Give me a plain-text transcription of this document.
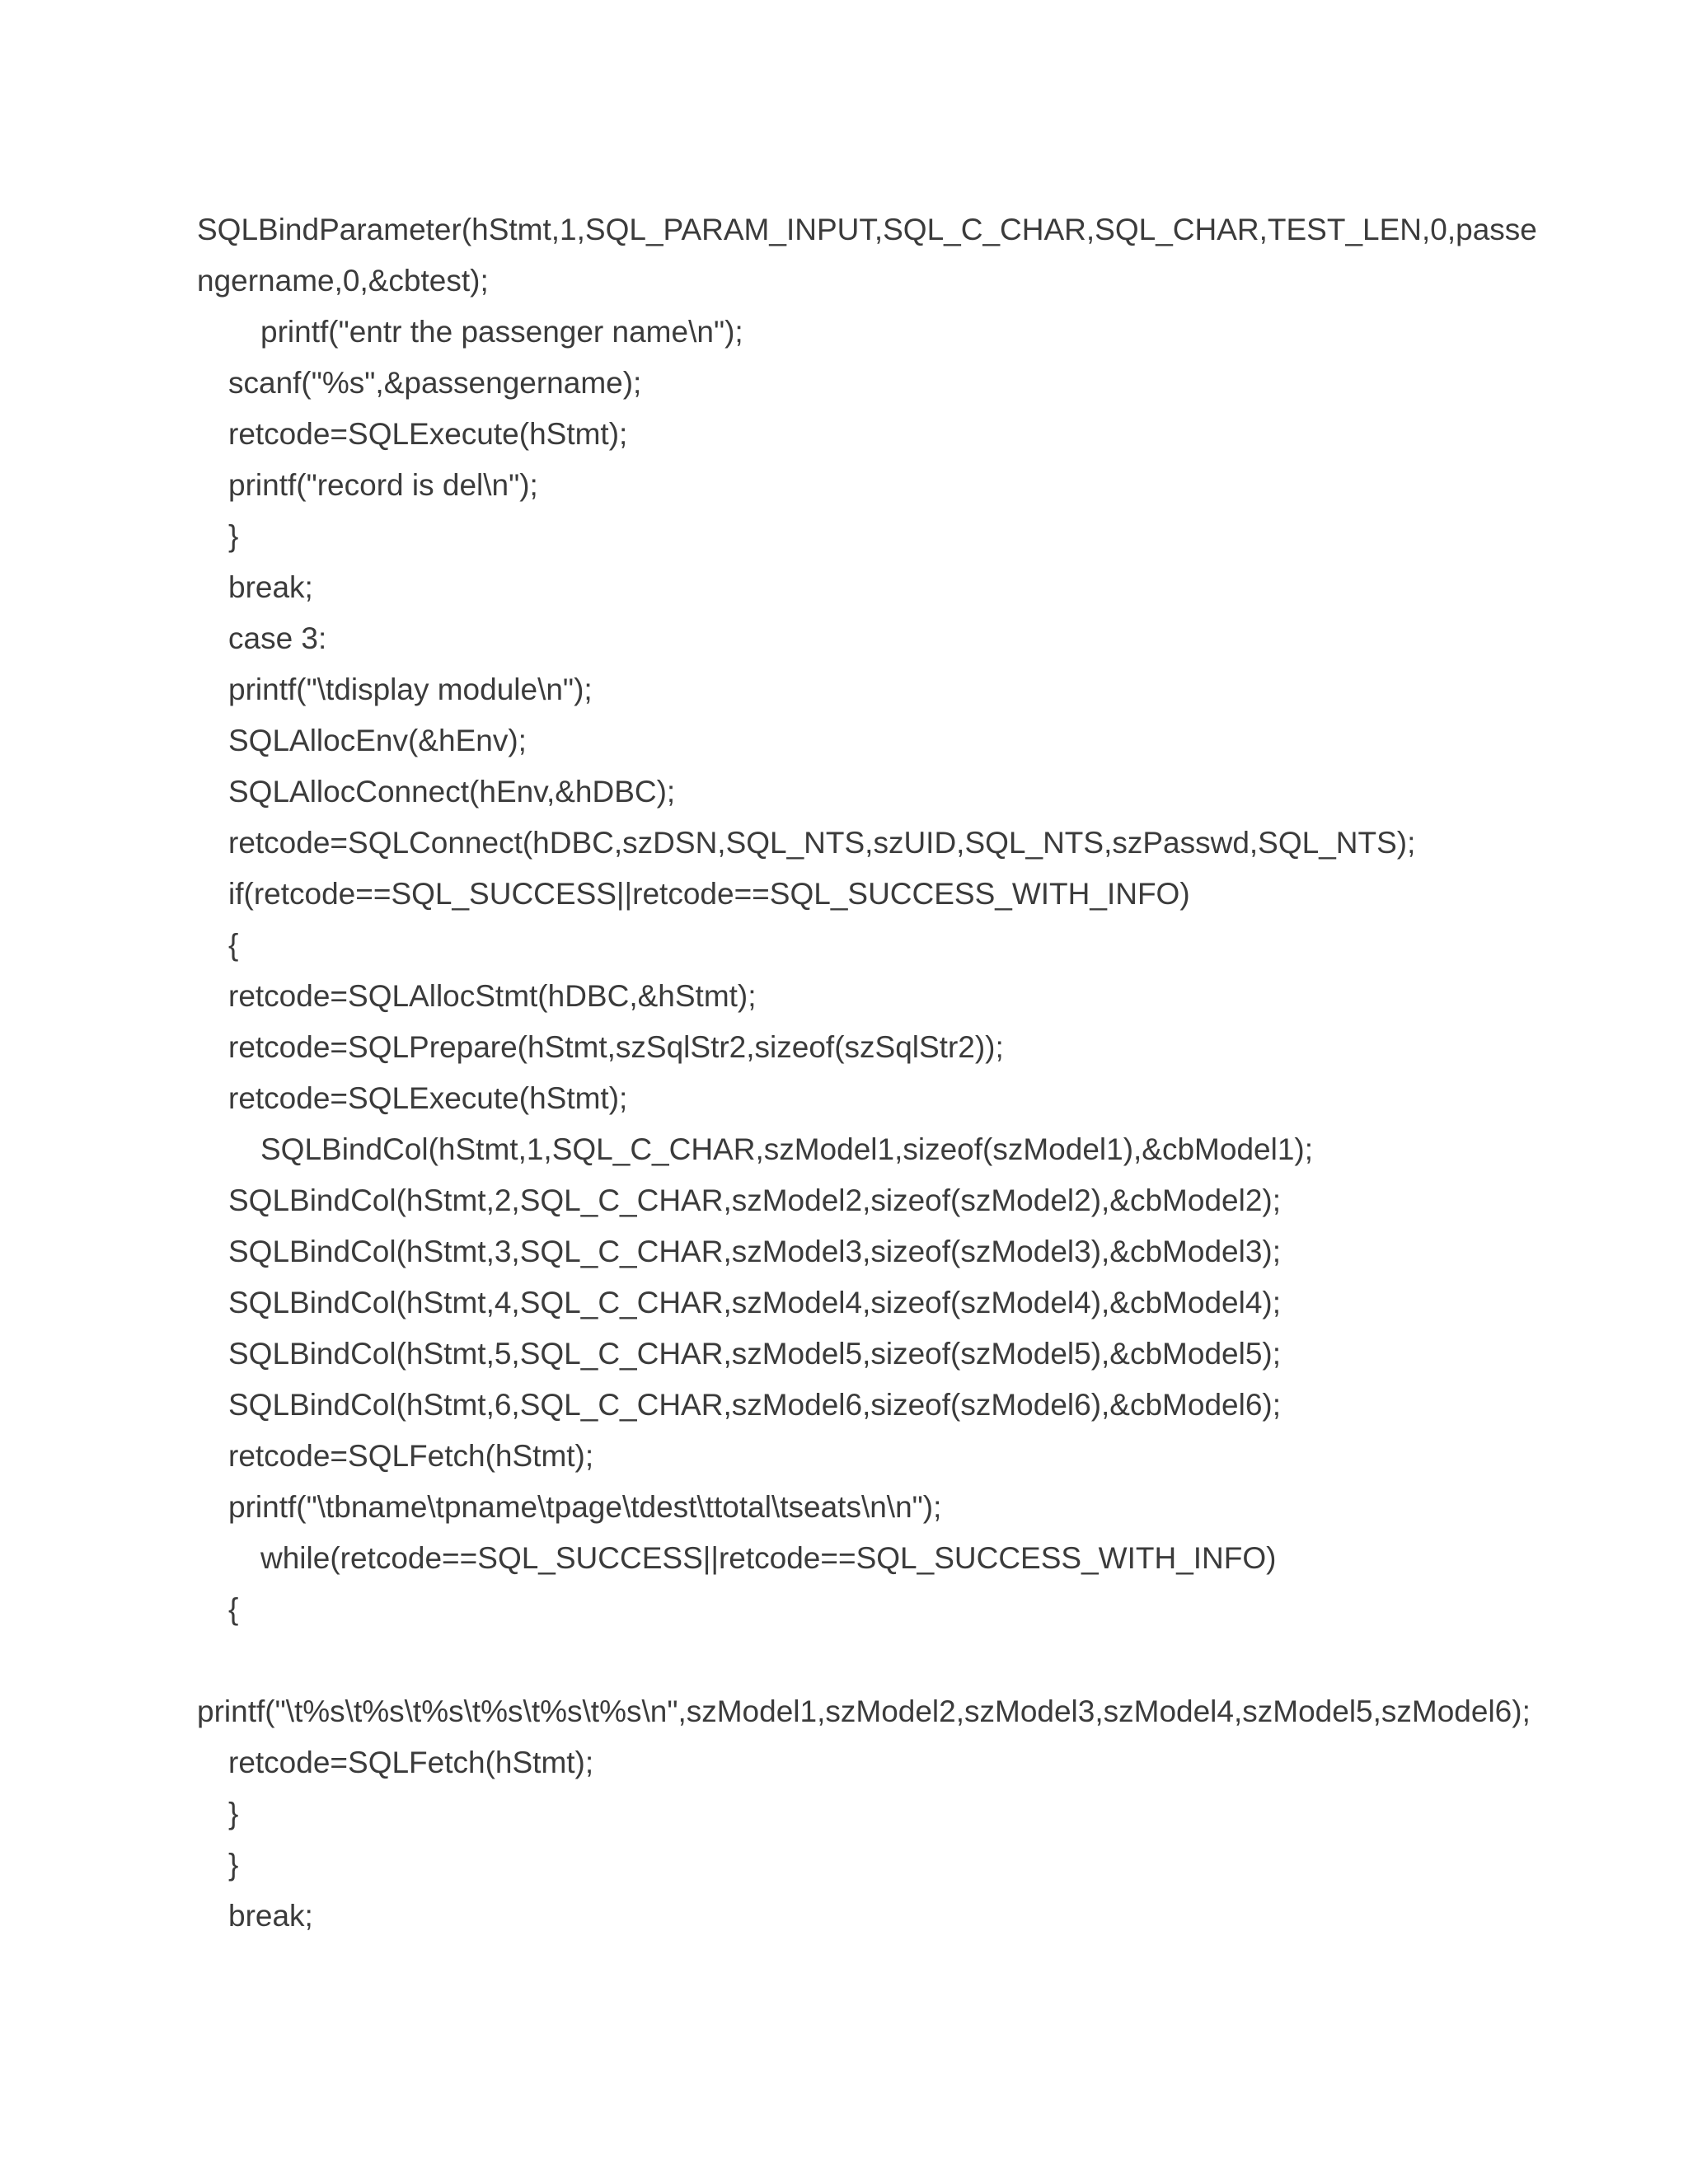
SQLBindParameter(hStmt,1,SQL_PARAM_INPUT,SQL_C_CHAR,SQL_CHAR,TEST_LEN,0,passe
ngername,0,&cbtest);
printf("entr the passenger name\n");
scanf("%s",&passengername);
retcode=SQLExecute(hStmt);
printf("record is del\n");
}
break;
case 3:
printf("\tdisplay module\n");
SQLAllocEnv(&hEnv);
SQLAllocConnect(hEnv,&hDBC);
retcode=SQLConnect(hDBC,szDSN,SQL_NTS,szUID,SQL_NTS,szPasswd,SQL_NTS);
if(retcode==SQL_SUCCESS||retcode==SQL_SUCCESS_WITH_INFO)
{
retcode=SQLAllocStmt(hDBC,&hStmt);
retcode=SQLPrepare(hStmt,szSqlStr2,sizeof(szSqlStr2));
retcode=SQLExecute(hStmt);
SQLBindCol(hStmt,1,SQL_C_CHAR,szModel1,sizeof(szModel1),&cbModel1);
SQLBindCol(hStmt,2,SQL_C_CHAR,szModel2,sizeof(szModel2),&cbModel2);
SQLBindCol(hStmt,3,SQL_C_CHAR,szModel3,sizeof(szModel3),&cbModel3);
SQLBindCol(hStmt,4,SQL_C_CHAR,szModel4,sizeof(szModel4),&cbModel4);
SQLBindCol(hStmt,5,SQL_C_CHAR,szModel5,sizeof(szModel5),&cbModel5);
SQLBindCol(hStmt,6,SQL_C_CHAR,szModel6,sizeof(szModel6),&cbModel6);
retcode=SQLFetch(hStmt);
printf("\tbname\tpname\tpage\tdest\ttotal\tseats\n\n");
while(retcode==SQL_SUCCESS||retcode==SQL_SUCCESS_WITH_INFO)
{
printf("\t%s\t%s\t%s\t%s\t%s\t%s\n",szModel1,szModel2,szModel3,szModel4,szModel5,szModel6);
retcode=SQLFetch(hStmt);
}
}
break;
